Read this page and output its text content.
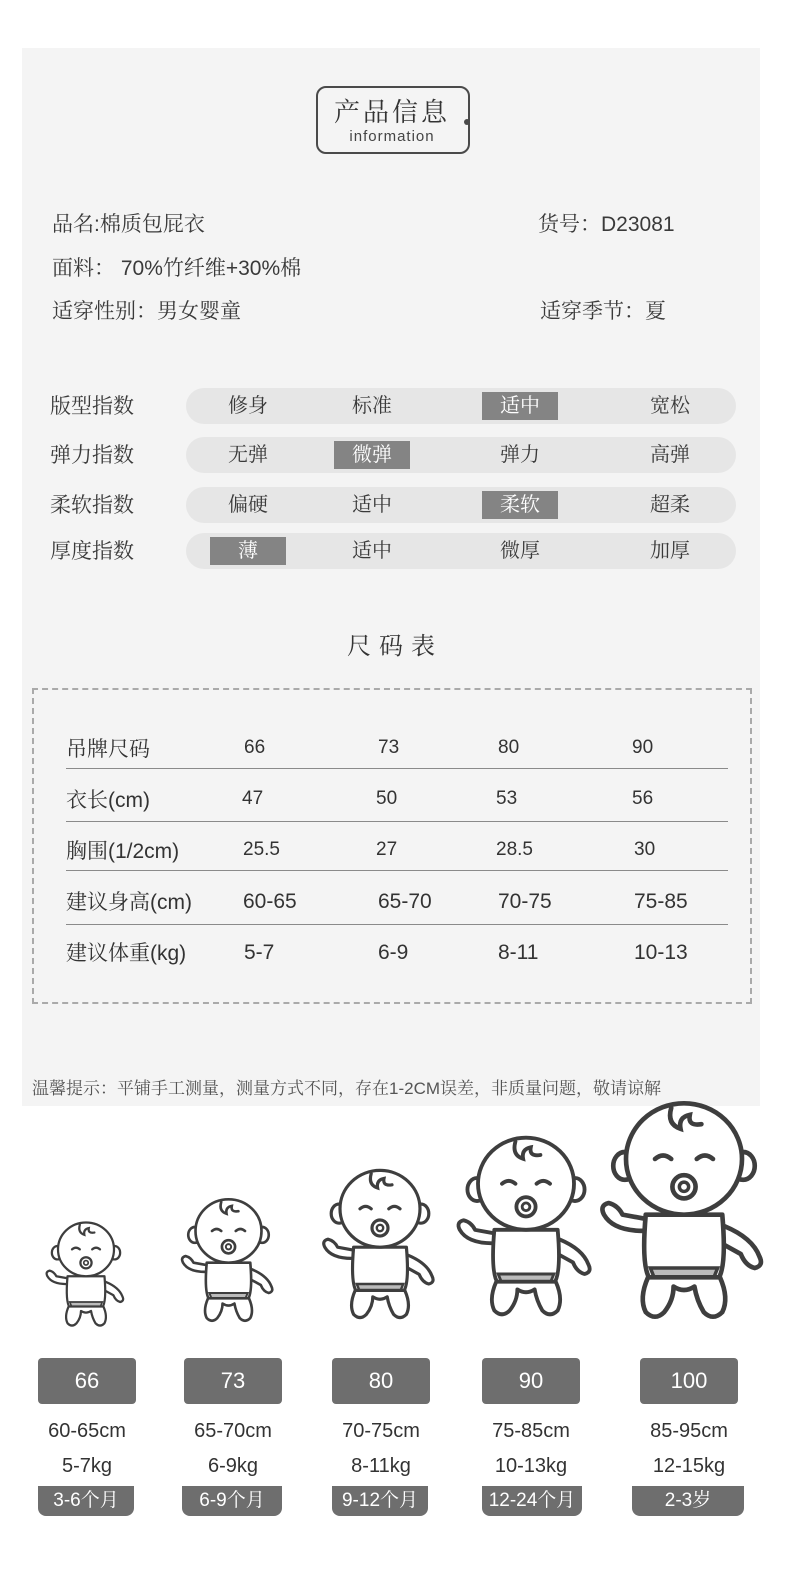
产品信息
information
品名:棉质包屁衣	货号：D23081
面料： 70%竹纤维+30%棉
适穿性别：男女婴童	适穿季节：夏
版型指数	修身	标准	适中	宽松
弹力指数	无弹	微弹	弹力	高弹
柔软指数	偏硬	适中	柔软	超柔
厚度指数	薄	适中	微厚	加厚
尺码表
吊牌尺码	66	73	80	90
衣长(cm)	47	50	53	56
胸围(1/2cm)	25.5	27	28.5	30
建议身高(cm) 60-65	65-70	70-75	75-85
建议体重(kg)	5-7	6-9	8-11	10-13
温馨提示：平铺手工测量，测量方式不同，存在1-2CM误差，非质量问题，敬请谅解
66
60-65cm
5-7kg
3-6个月
73
65-70cm
6-9kg
6-9个月
80
70-75cm
8-11kg
9-12个月
90
75-85cm
10-13kg
12-24个月
100
85-95cm
12-15kg
2-3岁
